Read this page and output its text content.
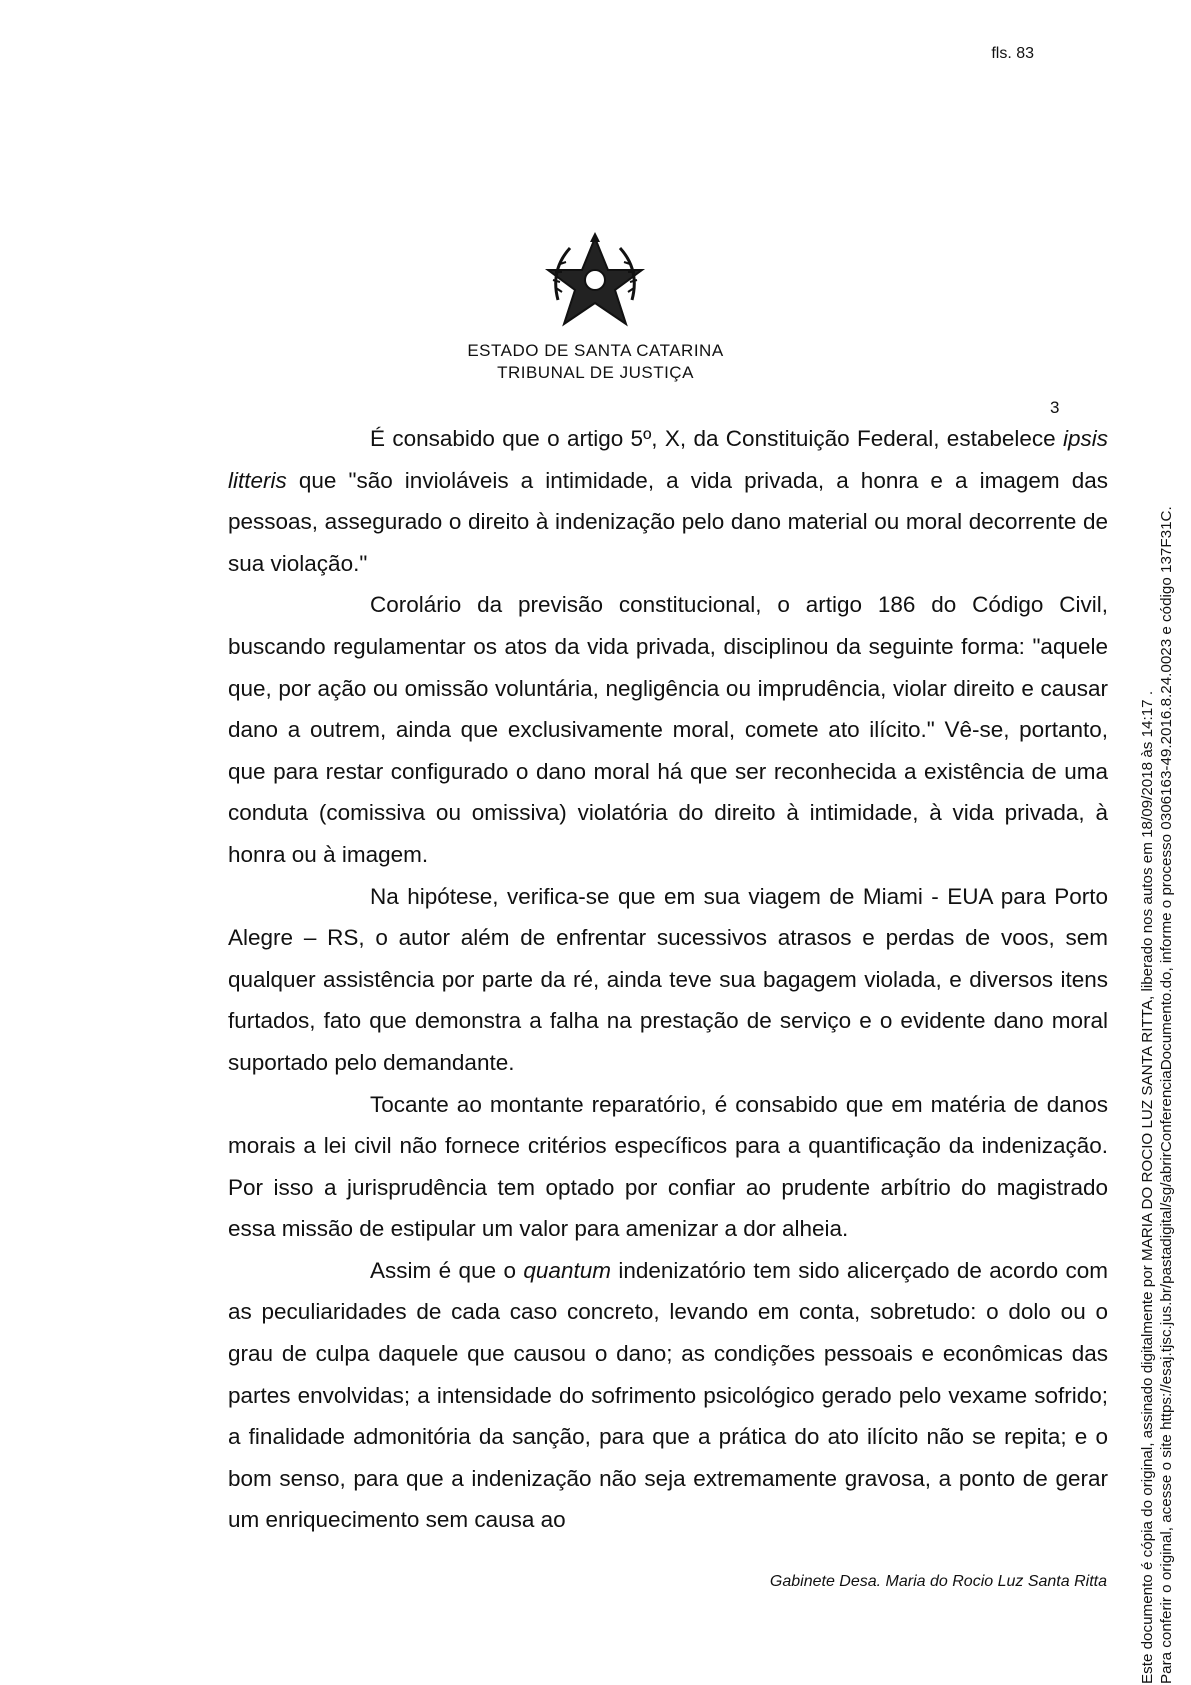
fls. 83
ESTADO DE SANTA CATARINA
TRIBUNAL DE JUSTIÇA
3

É consabido que o artigo 5º, X, da Constituição Federal, estabelece ipsis litteris que "são invioláveis a intimidade, a vida privada, a honra e a imagem das pessoas, assegurado o direito à indenização pelo dano material ou moral decorrente de sua violação."

Corolário da previsão constitucional, o artigo 186 do Código Civil, buscando regulamentar os atos da vida privada, disciplinou da seguinte forma: "aquele que, por ação ou omissão voluntária, negligência ou imprudência, violar direito e causar dano a outrem, ainda que exclusivamente moral, comete ato ilícito." Vê-se, portanto, que para restar configurado o dano moral há que ser reconhecida a existência de uma conduta (comissiva ou omissiva) violatória do direito à intimidade, à vida privada, à honra ou à imagem.

Na hipótese, verifica-se que em sua viagem de Miami - EUA para Porto Alegre – RS, o autor além de enfrentar sucessivos atrasos e perdas de voos, sem qualquer assistência por parte da ré, ainda teve sua bagagem violada, e diversos itens furtados, fato que demonstra a falha na prestação de serviço e o evidente dano moral suportado pelo demandante.

Tocante ao montante reparatório, é consabido que em matéria de danos morais a lei civil não fornece critérios específicos para a quantificação da indenização. Por isso a jurisprudência tem optado por confiar ao prudente arbítrio do magistrado essa missão de estipular um valor para amenizar a dor alheia.

Assim é que o quantum indenizatório tem sido alicerçado de acordo com as peculiaridades de cada caso concreto, levando em conta, sobretudo: o dolo ou o grau de culpa daquele que causou o dano; as condições pessoais e econômicas das partes envolvidas; a intensidade do sofrimento psicológico gerado pelo vexame sofrido; a finalidade admonitória da sanção, para que a prática do ato ilícito não se repita; e o bom senso, para que a indenização não seja extremamente gravosa, a ponto de gerar um enriquecimento sem causa ao

Gabinete Desa. Maria do Rocio Luz Santa Ritta Este documento é cópia do original, assinado digitalmente por MARIA DO ROCIO LUZ SANTA RITTA, liberado nos autos em 18/09/2018 às 14:17 . Para conferir o original, acesse o site https://esaj.tjsc.jus.br/pastadigital/sg/abrirConferenciaDocumento.do, informe o processo 0306163-49.2016.8.24.0023 e código 137F31C.
